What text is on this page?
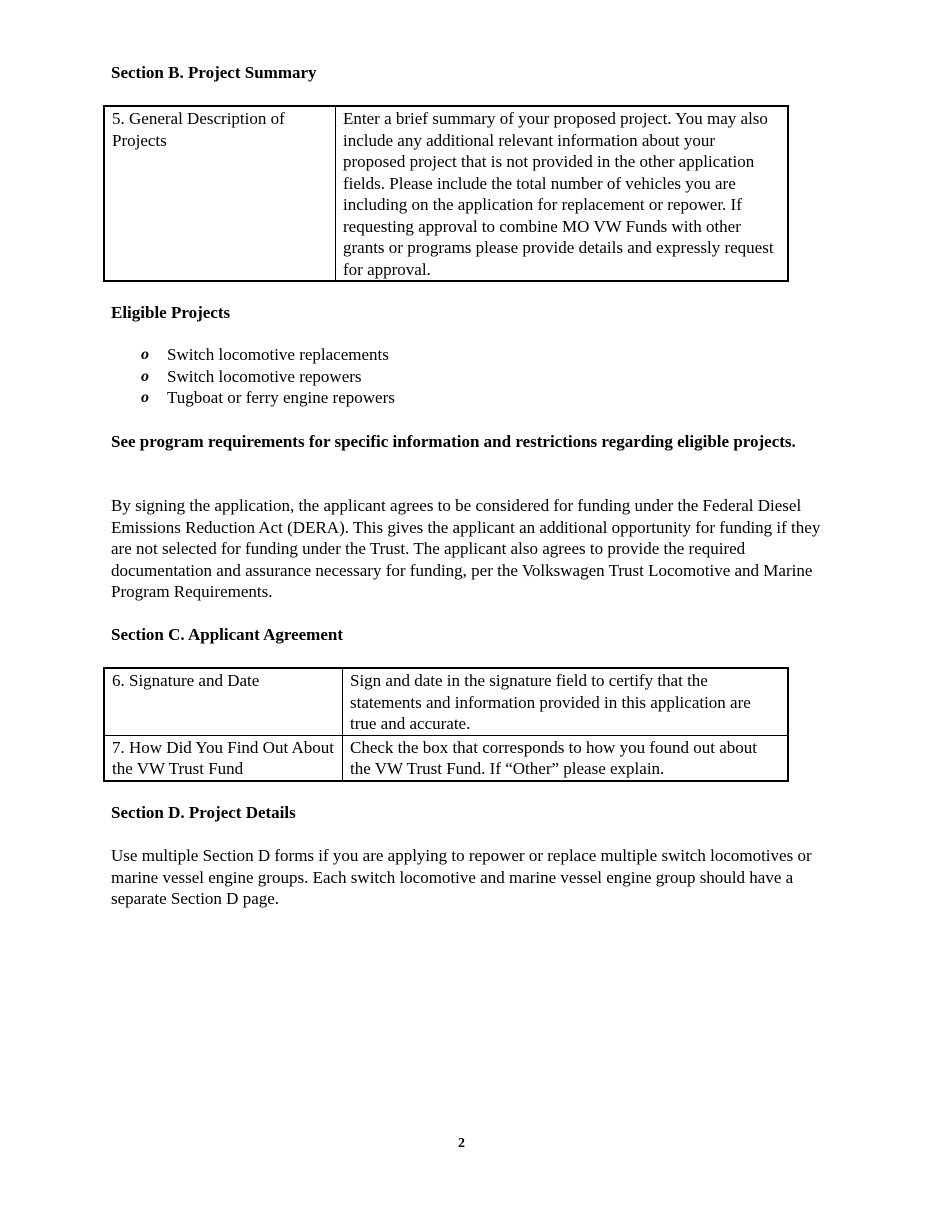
Section B. Project Summary

5. General Description of Projects	Enter a brief summary of your proposed project. You may also include any additional relevant information about your proposed project that is not provided in the other application fields. Please include the total number of vehicles you are including on the application for replacement or repower. If requesting approval to combine MO VW Funds with other grants or programs please provide details and expressly request for approval.

Eligible Projects

o Switch locomotive replacements
o Switch locomotive repowers
o Tugboat or ferry engine repowers

See program requirements for specific information and restrictions regarding eligible projects.

By signing the application, the applicant agrees to be considered for funding under the Federal Diesel Emissions Reduction Act (DERA). This gives the applicant an additional opportunity for funding if they are not selected for funding under the Trust. The applicant also agrees to provide the required documentation and assurance necessary for funding, per the Volkswagen Trust Locomotive and Marine Program Requirements.

Section C. Applicant Agreement

6. Signature and Date	Sign and date in the signature field to certify that the statements and information provided in this application are true and accurate.
7. How Did You Find Out About the VW Trust Fund	Check the box that corresponds to how you found out about the VW Trust Fund. If “Other” please explain.

Section D. Project Details

Use multiple Section D forms if you are applying to repower or replace multiple switch locomotives or marine vessel engine groups. Each switch locomotive and marine vessel engine group should have a separate Section D page.

2
